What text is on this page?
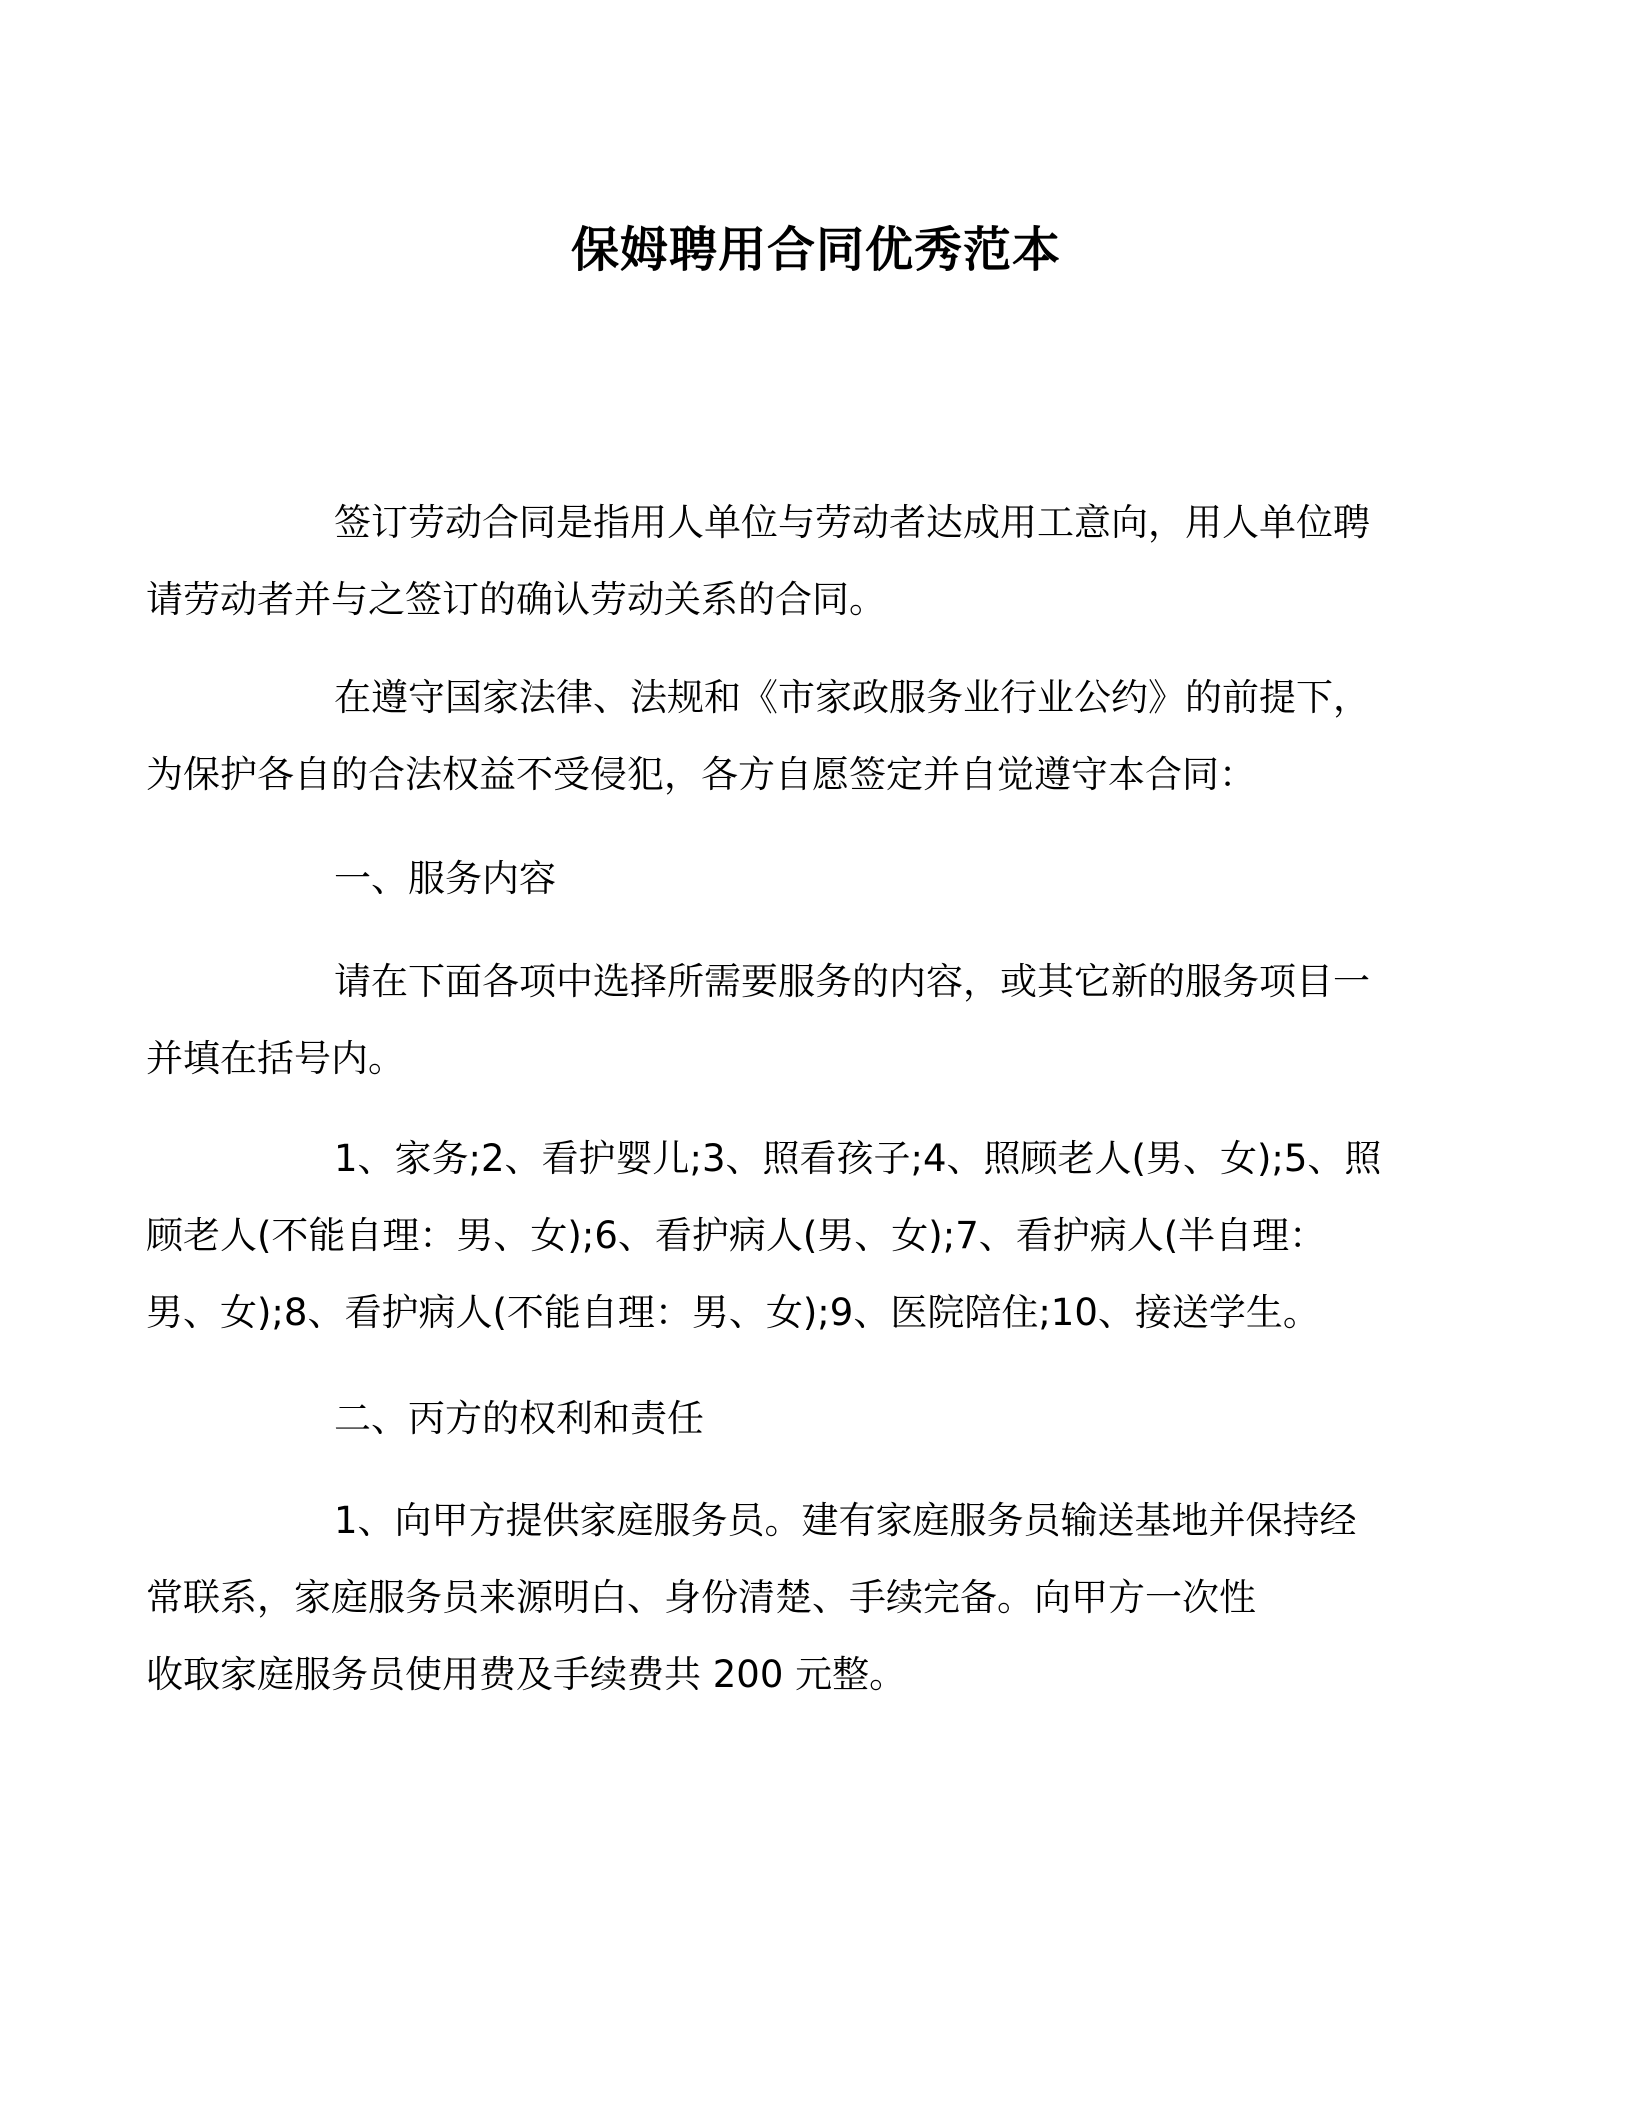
保姆聘用合同优秀范本

签订劳动合同是指用人单位与劳动者达成用工意向，用人单位聘
请劳动者并与之签订的确认劳动关系的合同。

在遵守国家法律、法规和《市家政服务业行业公约》的前提下，
为保护各自的合法权益不受侵犯，各方自愿签定并自觉遵守本合同：

一、服务内容

请在下面各项中选择所需要服务的内容，或其它新的服务项目一
并填在括号内。

1、家务;2、看护婴儿;3、照看孩子;4、照顾老人(男、女);5、照
顾老人(不能自理：男、女);6、看护病人(男、女);7、看护病人(半自理：
男、女);8、看护病人(不能自理：男、女);9、医院陪住;10、接送学生。

二、丙方的权利和责任

1、向甲方提供家庭服务员。建有家庭服务员输送基地并保持经
常联系，家庭服务员来源明白、身份清楚、手续完备。向甲方一次性
收取家庭服务员使用费及手续费共 200 元整。
